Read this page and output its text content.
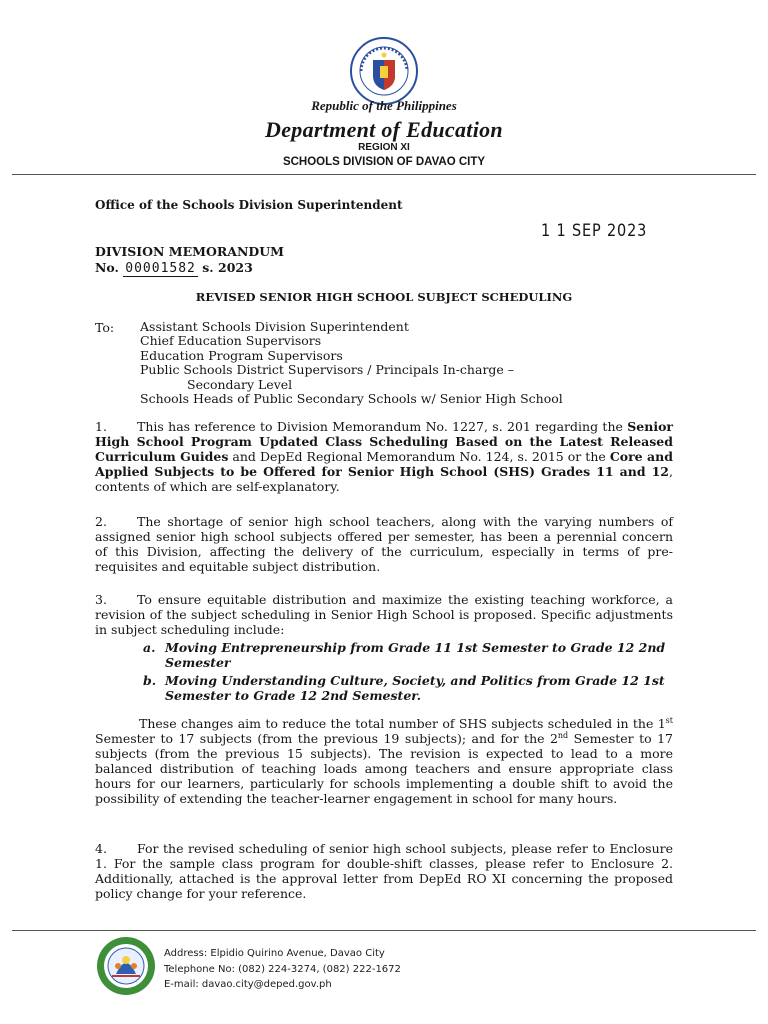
Republic of the Philippines
Department of Education
REGION XI
SCHOOLS DIVISION OF DAVAO CITY
Office of the Schools Division Superintendent
1 1 SEP 2023
DIVISION MEMORANDUM
No. 00001582 s. 2023
REVISED SENIOR HIGH SCHOOL SUBJECT SCHEDULING
To: Assistant Schools Division Superintendent
Chief Education Supervisors
Education Program Supervisors
Public Schools District Supervisors / Principals In-charge –
Secondary Level
Schools Heads of Public Secondary Schools w/ Senior High School
1. This has reference to Division Memorandum No. 1227, s. 201 regarding the Senior High School Program Updated Class Scheduling Based on the Latest Released Curriculum Guides and DepEd Regional Memorandum No. 124, s. 2015 or the Core and Applied Subjects to be Offered for Senior High School (SHS) Grades 11 and 12, contents of which are self-explanatory.
2. The shortage of senior high school teachers, along with the varying numbers of assigned senior high school subjects offered per semester, has been a perennial concern of this Division, affecting the delivery of the curriculum, especially in terms of pre-requisites and equitable subject distribution.
3. To ensure equitable distribution and maximize the existing teaching workforce, a revision of the subject scheduling in Senior High School is proposed. Specific adjustments in subject scheduling include:
a. Moving Entrepreneurship from Grade 11 1st Semester to Grade 12 2nd Semester
b. Moving Understanding Culture, Society, and Politics from Grade 12 1st Semester to Grade 12 2nd Semester.
These changes aim to reduce the total number of SHS subjects scheduled in the 1st Semester to 17 subjects (from the previous 19 subjects); and for the 2nd Semester to 17 subjects (from the previous 15 subjects). The revision is expected to lead to a more balanced distribution of teaching loads among teachers and ensure appropriate class hours for our learners, particularly for schools implementing a double shift to avoid the possibility of extending the teacher-learner engagement in school for many hours.
4. For the revised scheduling of senior high school subjects, please refer to Enclosure 1. For the sample class program for double-shift classes, please refer to Enclosure 2. Additionally, attached is the approval letter from DepEd RO XI concerning the proposed policy change for your reference.
Address: Elpidio Quirino Avenue, Davao City
Telephone No: (082) 224-3274, (082) 222-1672
E-mail: davao.city@deped.gov.ph
